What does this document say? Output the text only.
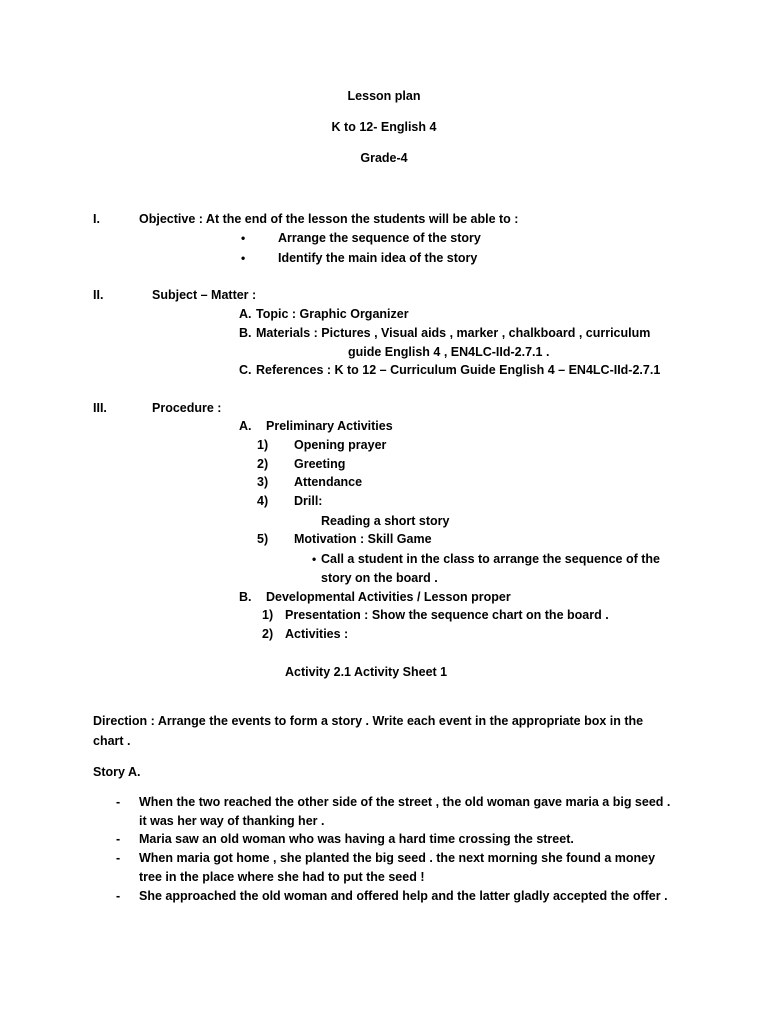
Lesson plan
K to 12- English 4
Grade-4
I.	Objective : At the end of the lesson the students will be able to :
•	Arrange the sequence of the story
•	Identify the main idea of the story
II.	Subject – Matter :
A. Topic : Graphic Organizer
B. Materials : Pictures , Visual aids , marker , chalkboard , curriculum
guide English 4 , EN4LC-IId-2.7.1 .
C. References : K to 12 – Curriculum Guide English 4 – EN4LC-IId-2.7.1
III.	Procedure :
A. Preliminary Activities
1) Opening prayer
2) Greeting
3) Attendance
4) Drill:
Reading a short story
5) Motivation : Skill Game
• Call a student in the class to arrange the sequence of the
story on the board .
B. Developmental Activities / Lesson proper
1) Presentation : Show the sequence chart on the board .
2) Activities :
Activity 2.1 Activity Sheet 1
Direction : Arrange the events to form a story . Write each event in the appropriate box in the
chart .
Story A.
- When the two reached the other side of the street , the old woman gave maria a big seed .
it was her way of thanking her .
- Maria saw an old woman who was having a hard time crossing the street.
- When maria got home , she planted the big seed . the next morning she found a money
tree in the place where she had to put the seed !
- She approached the old woman and offered help and the latter gladly accepted the offer .
